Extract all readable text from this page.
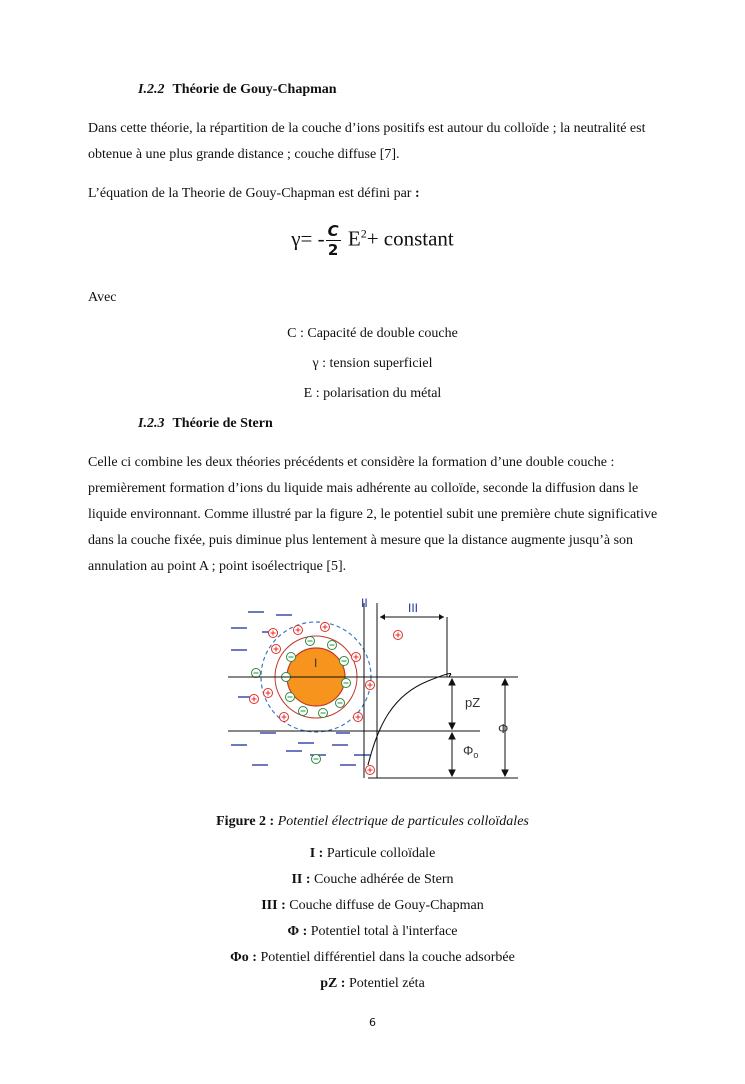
I.2.2 Théorie de Gouy-Chapman

Dans cette théorie, la répartition de la couche d’ions positifs est autour du colloïde ; la neutralité est obtenue à une plus grande distance ; couche diffuse [7].

L’équation de la Theorie de Gouy-Chapman est défini par :

$\gamma= - \frac{C}{2} E^2+$ constant

Avec

C : Capacité de double couche
γ : tension superficiel
E : polarisation du métal
I.2.3 Théorie de Stern

Celle ci combine les deux théories précédents et considère la formation d’une double couche : premièrement formation d’ions du liquide mais adhérente au colloïde, seconde la diffusion dans le liquide environnant. Comme illustré par la figure 2, le potentiel subit une première chute significative dans la couche fixée, puis diminue plus lentement à mesure que la distance augmente jusqu’à son annulation au point A ; point isoélectrique [5].

I
II	III
pZ
Φ
$\Phi_o$
Figure 2 : Potentiel électrique de particules colloïdales
I : Particule colloïdale
II : Couche adhérée de Stern
III : Couche diffuse de Gouy-Chapman
Φ : Potentiel total à l'interface
Φo : Potentiel différentiel dans la couche adsorbée
pZ : Potentiel zéta
6
